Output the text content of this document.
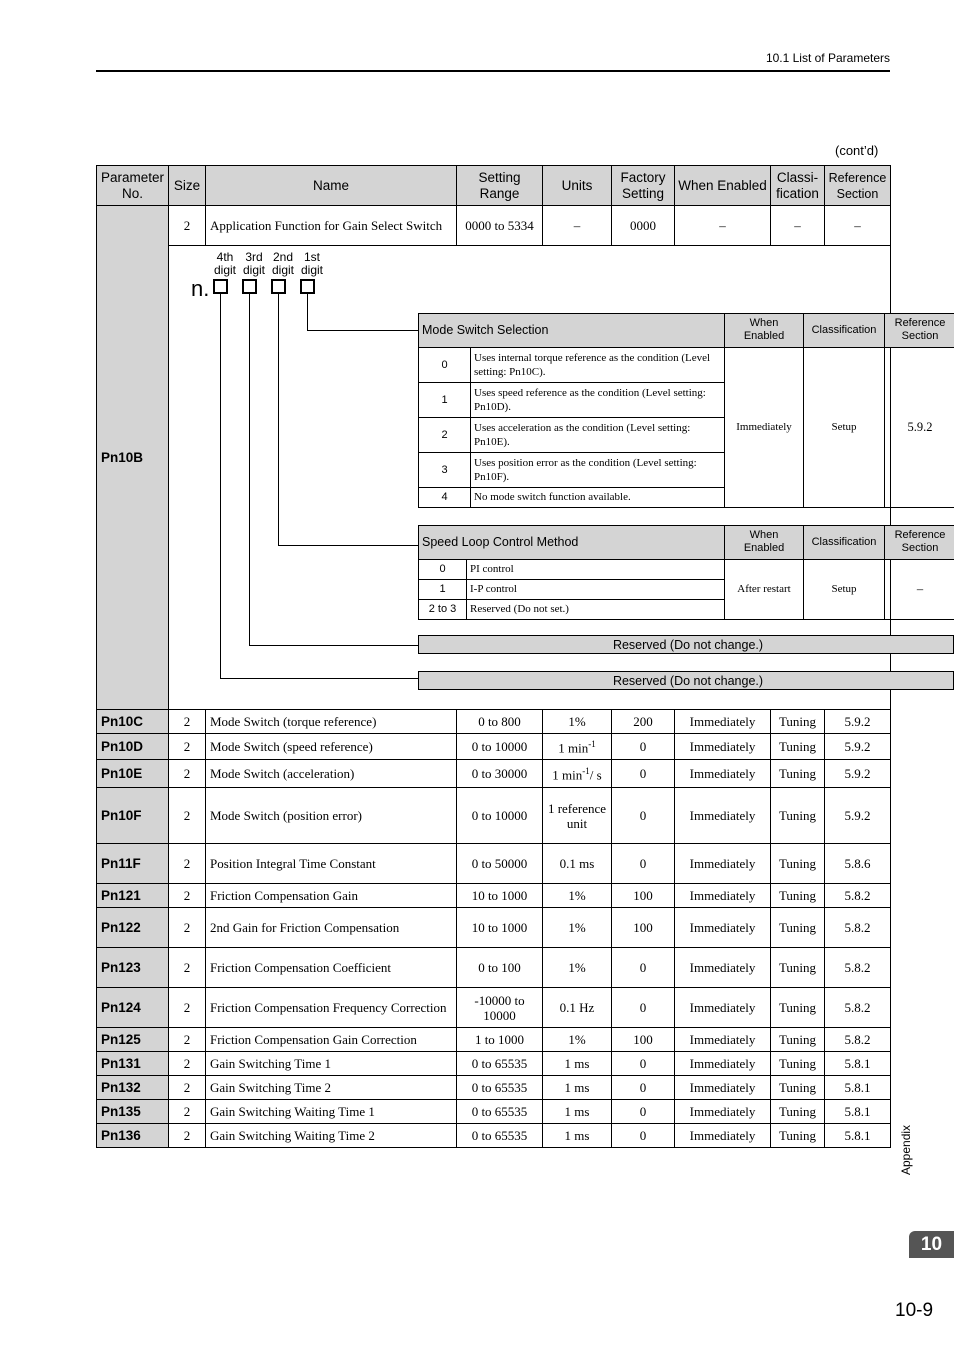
10.1 List of Parameters
(cont’d)
Parameter No.	Size	Name	Setting Range	Units	Factory Setting	When Enabled	Classi-fication	Reference Section
Pn10B	2	Application Function for Gain Select Switch	0000 to 5334	–	0000	–	–	–

4th digit
3rd digit
2nd digit
1st digit
n.
Mode Switch Selection	When Enabled	Classification	Reference Section
0	Uses internal torque reference as the condition (Level setting: Pn10C).	Immediately	Setup	5.9.2
1	Uses speed reference as the condition (Level setting: Pn10D).
2	Uses acceleration as the condition (Level setting: Pn10E).
3	Uses position error as the condition (Level setting: Pn10F).
4	No mode switch function available.
Speed Loop Control Method	When Enabled	Classification	Reference Section
0	PI control	After restart	Setup	–
1	I-P control
2 to 3	Reserved (Do not set.)
Reserved (Do not change.)
Reserved (Do not change.)

Pn10C	2	Mode Switch (torque reference)	0 to 800	1%	200	Immediately	Tuning	5.9.2
Pn10D	2	Mode Switch (speed reference)	0 to 10000	1 $\min^{-1}$	0	Immediately	Tuning	5.9.2
Pn10E	2	Mode Switch (acceleration)	0 to 30000	1 $\min^{-1}/$ s	0	Immediately	Tuning	5.9.2
Pn10F	2	Mode Switch (position error)	0 to 10000	1 reference unit	0	Immediately	Tuning	5.9.2
Pn11F	2	Position Integral Time Constant	0 to 50000	0.1 ms	0	Immediately	Tuning	5.8.6
Pn121	2	Friction Compensation Gain	10 to 1000	1%	100	Immediately	Tuning	5.8.2
Pn122	2	2nd Gain for Friction Compensation	10 to 1000	1%	100	Immediately	Tuning	5.8.2
Pn123	2	Friction Compensation Coefficient	0 to 100	1%	0	Immediately	Tuning	5.8.2
Pn124	2	Friction Compensation Frequency Correction	-10000 to 10000	0.1 Hz	0	Immediately	Tuning	5.8.2
Pn125	2	Friction Compensation Gain Correction	1 to 1000	1%	100	Immediately	Tuning	5.8.2
Pn131	2	Gain Switching Time 1	0 to 65535	1 ms	0	Immediately	Tuning	5.8.1
Pn132	2	Gain Switching Time 2	0 to 65535	1 ms	0	Immediately	Tuning	5.8.1
Pn135	2	Gain Switching Waiting Time 1	0 to 65535	1 ms	0	Immediately	Tuning	5.8.1
Pn136	2	Gain Switching Waiting Time 2	0 to 65535	1 ms	0	Immediately	Tuning	5.8.1 Appendix
10
10-9
